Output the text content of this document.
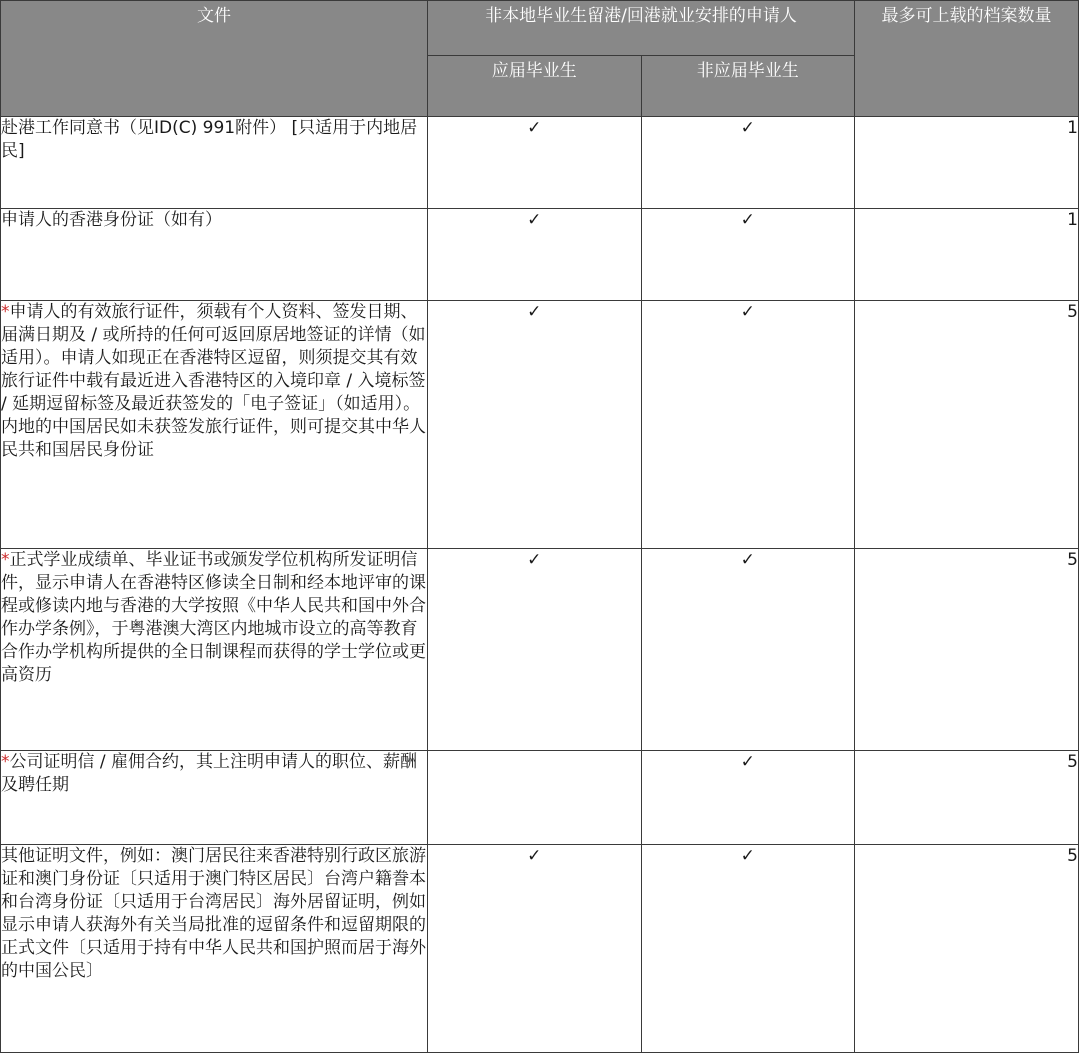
文件	非本地毕业生留港/回港就业安排的申请人		最多可上载的档案数量
	应届毕业生	非应届毕业生	
赴港工作同意书（见ID(C) 991附件） [只适用于内地居民]	✓	✓	1
申请人的香港身份证（如有）	✓	✓	1
*申请人的有效旅行证件，须载有个人资料、签发日期、届满日期及 / 或所持的任何可返回原居地签证的详情（如适用）。申请人如现正在香港特区逗留，则须提交其有效旅行证件中载有最近进入香港特区的入境印章 / 入境标签 / 延期逗留标签及最近获签发的「电子签证」（如适用）。内地的中国居民如未获签发旅行证件，则可提交其中华人民共和国居民身份证	✓	✓	5
*正式学业成绩单、毕业证书或颁发学位机构所发证明信件，显示申请人在香港特区修读全日制和经本地评审的课程或修读内地与香港的大学按照《中华人民共和国中外合作办学条例》，于粤港澳大湾区内地城市设立的高等教育合作办学机构所提供的全日制课程而获得的学士学位或更高资历	✓	✓	5
*公司证明信 / 雇佣合约，其上注明申请人的职位、薪酬及聘任期		✓	5
其他证明文件，例如：澳门居民往来香港特别行政区旅游证和澳门身份证〔只适用于澳门特区居民〕台湾户籍誊本和台湾身份证〔只适用于台湾居民〕海外居留证明，例如显示申请人获海外有关当局批准的逗留条件和逗留期限的正式文件〔只适用于持有中华人民共和国护照而居于海外的中国公民〕	✓	✓	5
